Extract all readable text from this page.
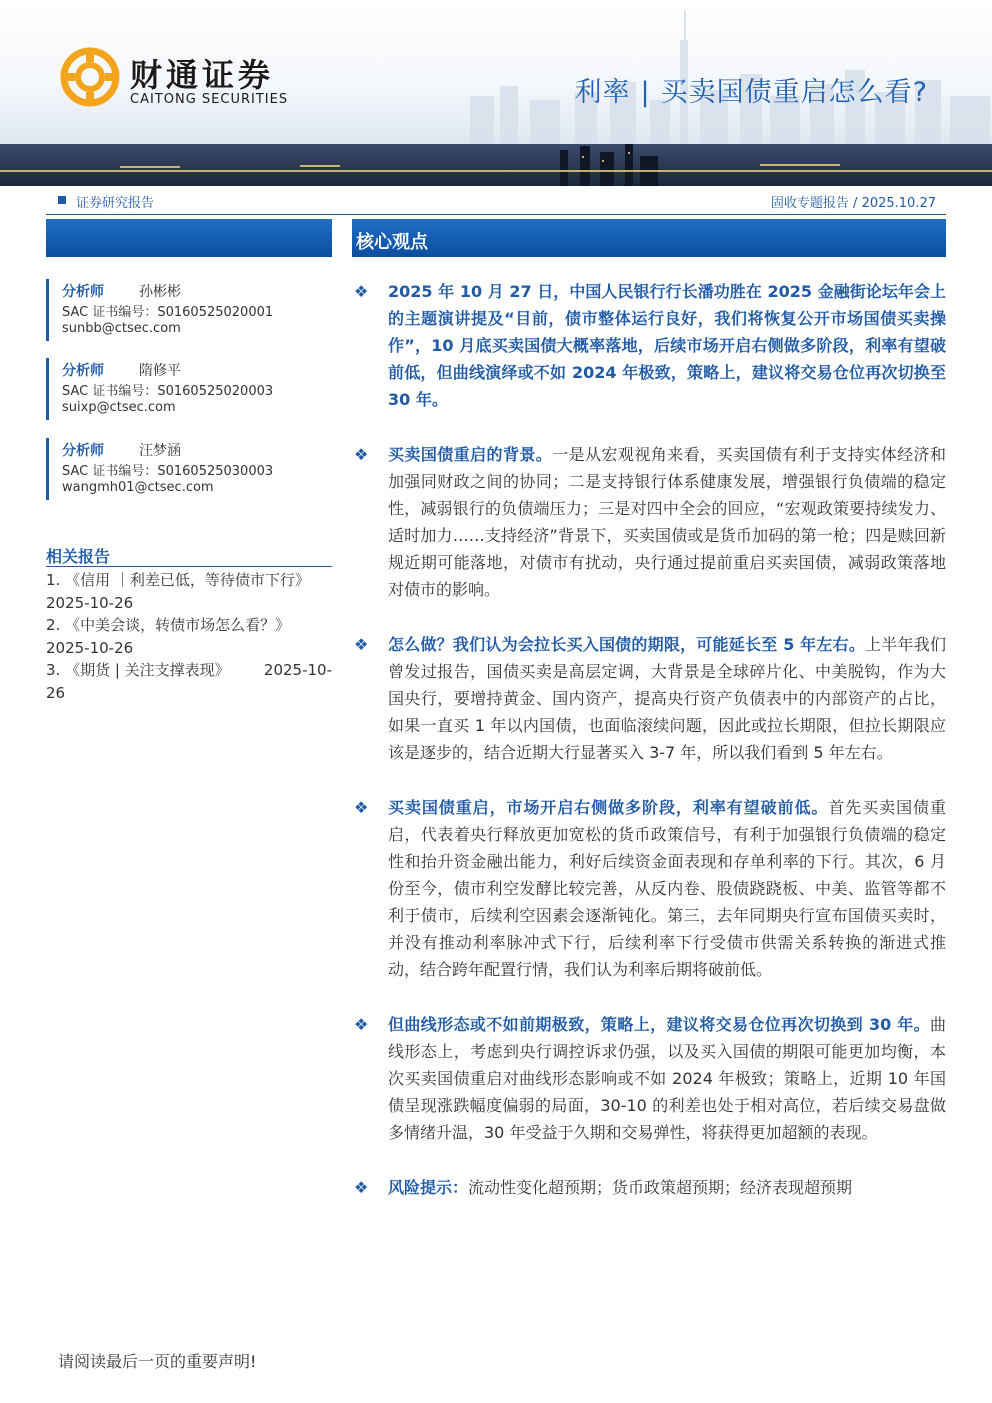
财通证券
CAITONG SECURITIES	利率 | 买卖国债重启怎么看?
证券研究报告	固收专题报告 / 2025.10.27
分析师	孙彬彬
SAC 证书编号：S0160525020001
sunbb@ctsec.com
分析师	隋修平
SAC 证书编号：S0160525020003
suixp@ctsec.com
分析师	汪梦涵
SAC 证书编号：S0160525030003
wangmh01@ctsec.com
相关报告
1. 《信用 ｜利差已低，等待债市下行》
2025-10-26
2. 《中美会谈，转债市场怎么看？》
2025-10-26
3. 《期货 | 关注支撑表现》 2025-10-
26
核心观点
❖ 2025 年 10 月 27 日，中国人民银行行长潘功胜在 2025 金融街论坛年会上的主题演讲提及“目前，债市整体运行良好，我们将恢复公开市场国债买卖操作”，10 月底买卖国债大概率落地，后续市场开启右侧做多阶段，利率有望破前低，但曲线演绎或不如 2024 年极致，策略上，建议将交易仓位再次切换至 30 年。
❖ 买卖国债重启的背景。一是从宏观视角来看，买卖国债有利于支持实体经济和加强同财政之间的协同；二是支持银行体系健康发展，增强银行负债端的稳定性，减弱银行的负债端压力；三是对四中全会的回应，“宏观政策要持续发力、适时加力……支持经济”背景下，买卖国债或是货币加码的第一枪；四是赎回新规近期可能落地，对债市有扰动，央行通过提前重启买卖国债，减弱政策落地对债市的影响。
❖ 怎么做？我们认为会拉长买入国债的期限，可能延长至 5 年左右。上半年我们曾发过报告，国债买卖是高层定调，大背景是全球碎片化、中美脱钩，作为大国央行，要增持黄金、国内资产，提高央行资产负债表中的内部资产的占比，如果一直买 1 年以内国债，也面临滚续问题，因此或拉长期限，但拉长期限应该是逐步的，结合近期大行显著买入 3-7 年，所以我们看到 5 年左右。
❖ 买卖国债重启，市场开启右侧做多阶段，利率有望破前低。首先买卖国债重启，代表着央行释放更加宽松的货币政策信号，有利于加强银行负债端的稳定性和抬升资金融出能力，利好后续资金面表现和存单利率的下行。其次，6 月份至今，债市利空发酵比较完善，从反内卷、股债跷跷板、中美、监管等都不利于债市，后续利空因素会逐渐钝化。第三，去年同期央行宣布国债买卖时，并没有推动利率脉冲式下行，后续利率下行受债市供需关系转换的渐进式推动，结合跨年配置行情，我们认为利率后期将破前低。
❖ 但曲线形态或不如前期极致，策略上，建议将交易仓位再次切换到 30 年。曲线形态上，考虑到央行调控诉求仍强，以及买入国债的期限可能更加均衡，本次买卖国债重启对曲线形态影响或不如 2024 年极致；策略上，近期 10 年国债呈现涨跌幅度偏弱的局面，30-10 的利差也处于相对高位，若后续交易盘做多情绪升温，30 年受益于久期和交易弹性，将获得更加超额的表现。
❖ 风险提示：流动性变化超预期；货币政策超预期；经济表现超预期
请阅读最后一页的重要声明!
